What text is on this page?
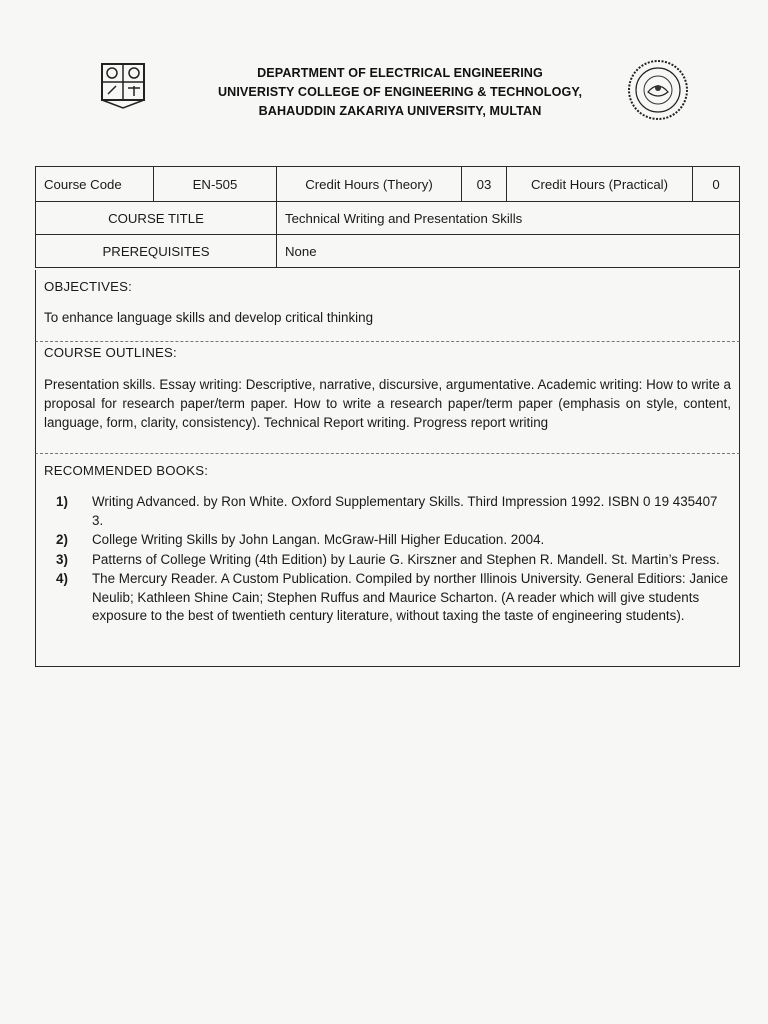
DEPARTMENT OF ELECTRICAL ENGINEERING
UNIVERISTY COLLEGE OF ENGINEERING & TECHNOLOGY,
BAHAUDDIN ZAKARIYA UNIVERSITY, MULTAN
Course Code	EN-505	Credit Hours (Theory)	03	Credit Hours (Practical)	0
COURSE TITLE		Technical Writing and Presentation Skills			
PREREQUISITES		None			
OBJECTIVES:
To enhance language skills and develop critical thinking
COURSE OUTLINES:
Presentation skills. Essay writing: Descriptive, narrative, discursive, argumentative. Academic writing: How to write a proposal for research paper/term paper. How to write a research paper/term paper (emphasis on style, content, language, form, clarity, consistency). Technical Report writing. Progress report writing
RECOMMENDED BOOKS:
1) Writing Advanced. by Ron White. Oxford Supplementary Skills. Third Impression 1992. ISBN 0 19 435407 3.
2) College Writing Skills by John Langan. McGraw-Hill Higher Education. 2004.
3) Patterns of College Writing (4th Edition) by Laurie G. Kirszner and Stephen R. Mandell. St. Martin’s Press.
4) The Mercury Reader. A Custom Publication. Compiled by norther Illinois University. General Editiors: Janice Neulib; Kathleen Shine Cain; Stephen Ruffus and Maurice Scharton. (A reader which will give students exposure to the best of twentieth century literature, without taxing the taste of engineering students).
